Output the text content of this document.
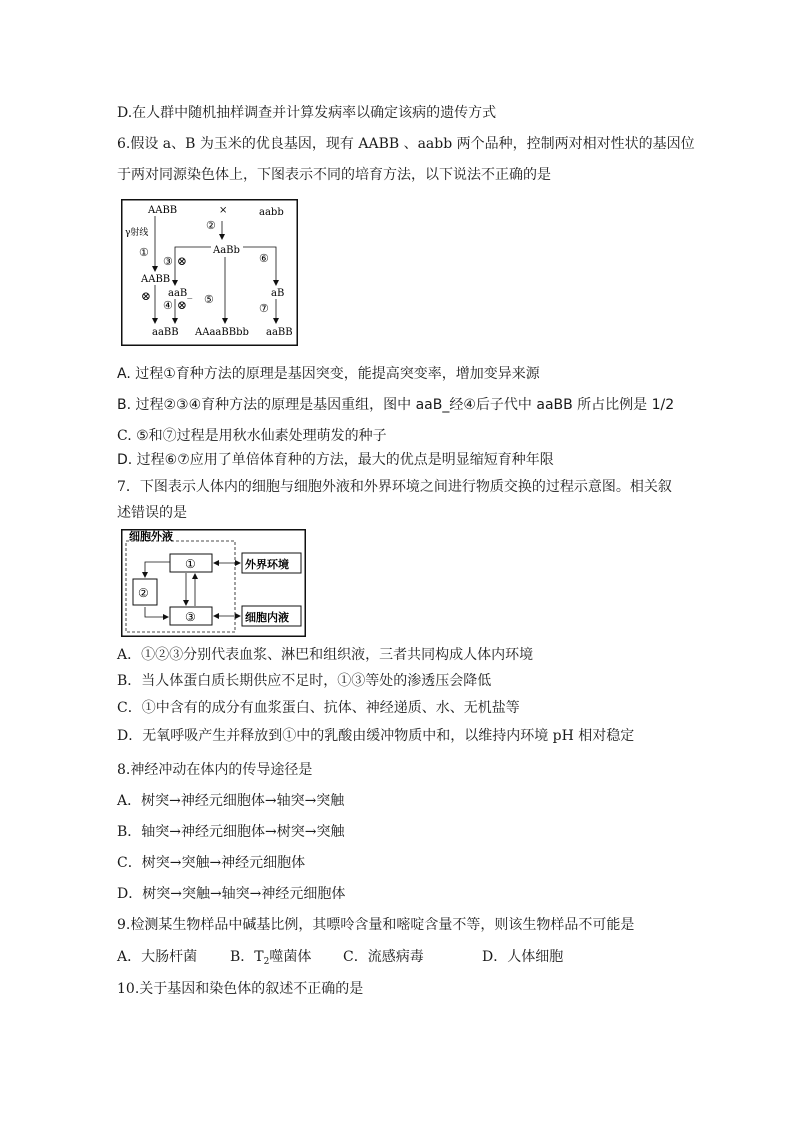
D.在人群中随机抽样调查并计算发病率以确定该病的遗传方式
6.假设 a、B 为玉米的优良基因，现有 AABB 、aabb 两个品种，控制两对相对性状的基因位
于两对同源染色体上，下图表示不同的培育方法，以下说法不正确的是
AABB	×	aabb
γ射线
①
②
AaBb
⑥
③ ⊗
AABB
aaB_	aB
⊗
④ ⊗ ⑤
⑦
aaBB AAaaBBbb aaBB
A. 过程①育种方法的原理是基因突变，能提高突变率，增加变异来源
B. 过程②③④育种方法的原理是基因重组，图中 aaB_经④后子代中 aaBB 所占比例是 1/2
C. ⑤和⑦过程是用秋水仙素处理萌发的种子
D. 过程⑥⑦应用了单倍体育种的方法，最大的优点是明显缩短育种年限
7．下图表示人体内的细胞与细胞外液和外界环境之间进行物质交换的过程示意图。相关叙
述错误的是
细胞外液
①
②
③
外界环境
细胞内液
A．①②③分别代表血浆、淋巴和组织液，三者共同构成人体内环境
B．当人体蛋白质长期供应不足时，①③等处的渗透压会降低
C．①中含有的成分有血浆蛋白、抗体、神经递质、水、无机盐等
D．无氧呼吸产生并释放到①中的乳酸由缓冲物质中和，以维持内环境 pH 相对稳定
8.神经冲动在体内的传导途径是
A．树突→神经元细胞体→轴突→突触
B．轴突→神经元细胞体→树突→突触
C．树突→突触→神经元细胞体
D．树突→突触→轴突→神经元细胞体
9.检测某生物样品中碱基比例，其嘌呤含量和嘧啶含量不等，则该生物样品不可能是
A．大肠杆菌 B．$T_2$噬菌体 C．流感病毒	D．人体细胞
10.关于基因和染色体的叙述不正确的是
